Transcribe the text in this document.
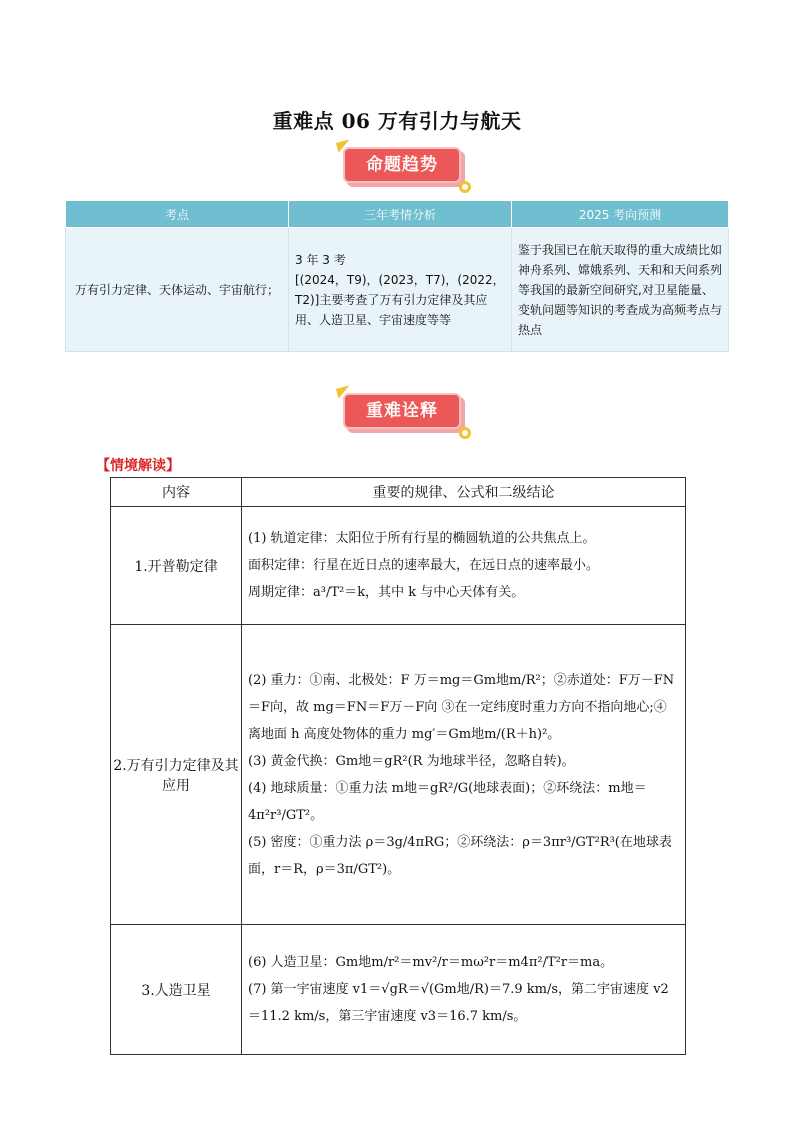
重难点 06 万有引力与航天
命题趋势
考点	三年考情分析	2025 考向预测
万有引力定律、天体运动、宇宙航行；	3 年 3 考
[(2024，T9)，(2023，T7)，(2022，T2)]主要考查了万有引力定律及其应用、人造卫星、宇宙速度等等	鉴于我国已在航天取得的重大成绩比如神舟系列、嫦娥系列、天和和天问系列等我国的最新空间研究,对卫星能量、变轨问题等知识的考查成为高频考点与热点
重难诠释
【情境解读】
内容	重要的规律、公式和二级结论
1.开普勒定律	(1) 轨道定律：太阳位于所有行星的椭圆轨道的公共焦点上。
面积定律：行星在近日点的速率最大，在远日点的速率最小。
周期定律：a³/T²＝k，其中 k 与中心天体有关。

2.万有引力定律及其应用	(2) 重力：①南、北极处：F 万＝mg＝Gm地m/R²；②赤道处：F万－FN＝F向，故 mg＝FN＝F万－F向 ③在一定纬度时重力方向不指向地心;④离地面 h 高度处物体的重力 mg′＝Gm地m/(R＋h)²。
(3) 黄金代换：Gm地＝gR²(R 为地球半径，忽略自转)。
(4) 地球质量：①重力法 m地＝gR²/G(地球表面)；②环绕法：m地＝4π²r³/GT²。
(5) 密度：①重力法 ρ＝3g/4πRG；②环绕法：ρ＝3πr³/GT²R³(在地球表面，r＝R，ρ＝3π/GT²)。

3.人造卫星	(6) 人造卫星：Gm地m/r²＝mv²/r＝mω²r＝m4π²/T²r＝ma。
(7) 第一宇宙速度 v1＝√gR＝√(Gm地/R)＝7.9 km/s，第二宇宙速度 v2＝11.2 km/s，第三宇宙速度 v3＝16.7 km/s。
